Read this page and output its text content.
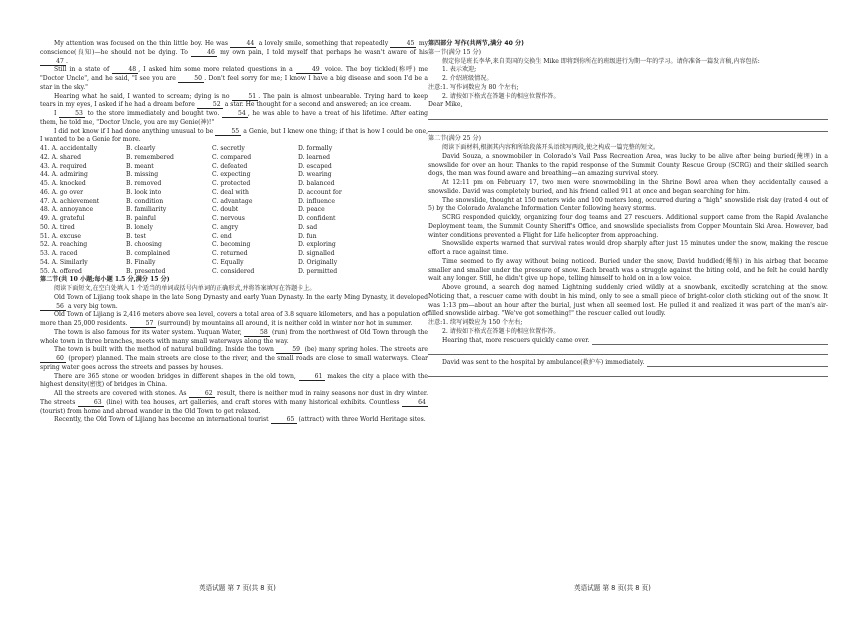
My attention was focused on the thin little boy. He was	44 a lovely smile, something that repeatedly	45 my conscience(良知)—he should not be dying. To	46 my own pain, I told myself that perhaps he wasn't aware of his 47 .

Still in a state of	48 , I asked him some more related questions in a	49 voice. The boy tickled(称呼) me "Doctor Uncle", and he said, "I see you are	50 . Don't feel sorry for me; I know I have a big disease and soon I'd be a star in the sky."

Hearing what he said, I wanted to scream; dying is no	51 . The pain is almost unbearable. Trying hard to keep tears in my eyes, I asked if he had a dream before	52 a star. He thought for a second and answered; an ice cream.

I	53 to the store immediately and bought two.	54 , he was able to have a treat of his lifetime. After eating them, he told me, "Doctor Uncle, you are my Genie(神)!"

I did not know if I had done anything unusual to be	55 a Genie, but I knew one thing; if that is how I could be one, I wanted to be a Genie for more.

41. A. accidentally	B. clearly	C. secretly	D. formally
42. A. shared	B. remembered	C. compared	D. learned
43. A. required	B. meant	C. defeated	D. escaped
44. A. admiring	B. missing	C. expecting	D. wearing
45. A. knocked	B. removed	C. protected	D. balanced
46. A. go over	B. look into	C. deal with	D. account for
47. A. achievement	B. condition	C. advantage	D. influence
48. A. annoyance	B. familiarity	C. doubt	D. peace
49. A. grateful	B. painful	C. nervous	D. confident
50. A. tired	B. lonely	C. angry	D. sad
51. A. excuse	B. test	C. end	D. fun
52. A. reaching	B. choosing	C. becoming	D. exploring
53. A. raced	B. complained	C. returned	D. signalled
54. A. Similarly	B. Finally	C. Equally	D. Originally
55. A. offered	B. presented	C. considered	D. permitted

第二节(共 10 小题;每小题 1.5 分,满分 15 分)

阅读下面短文,在空白处填入 1 个适当的单词或括号内单词的正确形式,并将答案填写在答题卡上。

Old Town of Lijiang took shape in the late Song Dynasty and early Yuan Dynasty. In the early Ming Dynasty, it developed 56 a very big town.

Old Town of Lijiang is 2,416 meters above sea level, covers a total area of 3.8 square kilometers, and has a population of more than 25,000 residents.	57 (surround) by mountains all around, it is neither cold in winter nor hot in summer.

The town is also famous for its water system. Yuquan Water,	58 (run) from the northwest of Old Town through the whole town in three branches, meets with many small waterways along the way.

The town is built with the method of natural building. Inside the town	59 (be) many spring holes. The streets are 60 (proper) planned. The main streets are close to the river, and the small roads are close to small waterways. Clear spring water goes across the streets and passes by houses.

There are 365 stone or wooden bridges in different shapes in the old town,	61 makes the city a place with the highest density(密度) of bridges in China.

All the streets are covered with stones. As	62 result, there is neither mud in rainy seasons nor dust in dry winter. The streets	63 (line) with tea houses, art galleries, and craft stores with many historical exhibits. Countless	64 (tourist) from home and abroad wander in the Old Town to get relaxed.

Recently, the Old Town of Lijiang has become an international tourist	65 (attract) with three World Heritage sites.

第四部分 写作(共两节,满分 40 分)

第一节(满分 15 分)

假定你是班长李华,来自美国的交换生 Mike 即将到你所在的班级进行为期一年的学习。请你准备一篇发言稿,内容包括:

1. 表示欢迎;

2. 介绍班级情况。

注意:1. 写作词数应为 80 个左右;

2. 请按如下格式在答题卡的相应位置作答。

Dear Mike,

第二节(满分 25 分)

阅读下面材料,根据其内容和所给段落开头语续写两段,使之构成一篇完整的短文。

David Souza, a snowmobiler in Colorado's Vail Pass Recreation Area, was lucky to be alive after being buried(掩埋) in a snowslide for over an hour. Thanks to the rapid response of the Summit County Rescue Group (SCRG) and their skilled search dogs, the man was found aware and breathing—an amazing survival story.

At 12:11 pm on February 17, two men were snowmobiling in the Shrine Bowl area when they accidentally caused a snowslide. David was completely buried, and his friend called 911 at once and began searching for him.

The snowslide, thought at 150 meters wide and 100 meters long, occurred during a "high" snowslide risk day (rated 4 out of 5) by the Colorado Avalanche Information Center following heavy storms.

SCRG responded quickly, organizing four dog teams and 27 rescuers. Additional support came from the Rapid Avalanche Deployment team, the Summit County Sheriff's Office, and snowslide specialists from Copper Mountain Ski Area. However, bad winter conditions prevented a Flight for Life helicopter from approaching.

Snowslide experts warned that survival rates would drop sharply after just 15 minutes under the snow, making the rescue effort a race against time.

Time seemed to fly away without being noticed. Buried under the snow, David huddled(蜷缩) in his airbag that became smaller and smaller under the pressure of snow. Each breath was a struggle against the biting cold, and he felt he could hardly wait any longer. Still, he didn't give up hope, telling himself to hold on in a low voice.

Above ground, a search dog named Lightning suddenly cried wildly at a snowbank, excitedly scratching at the snow. Noticing that, a rescuer came with doubt in his mind, only to see a small piece of bright-color cloth sticking out of the snow. It was 1:13 pm—about an hour after the burial, just when all seemed lost. He pulled it and realized it was part of the man's air-filled snowslide airbag. "We've got something!" the rescuer called out loudly.

注意:1. 续写词数应为 150 个左右;

2. 请按如下格式在答题卡的相应位置作答。

Hearing that, more rescuers quickly came over.

David was sent to the hospital by ambulance(救护车) immediately.

英语试题 第 7 页(共 8 页)	英语试题 第 8 页(共 8 页)
